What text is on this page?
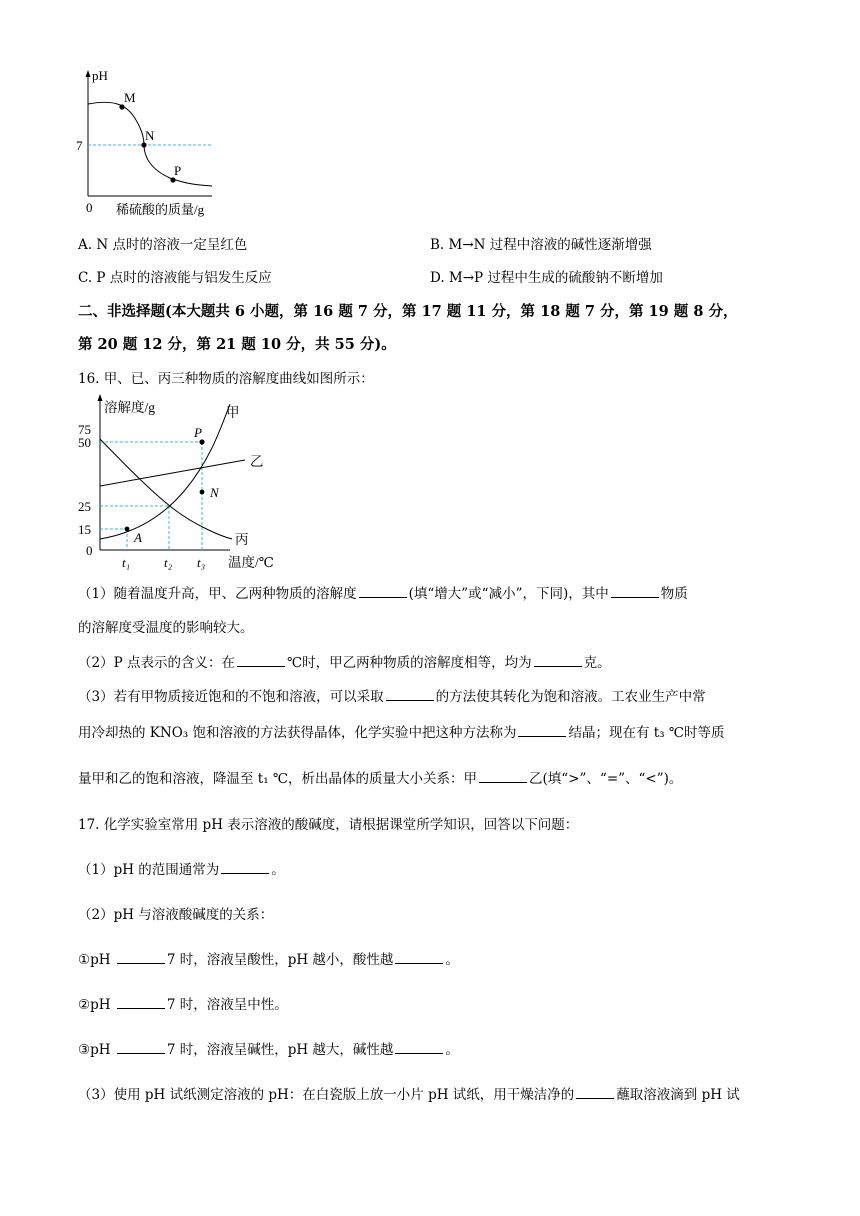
pH
M
N
P
7
0 稀硫酸的质量/g
A. N 点时的溶液一定呈红色	B. M→N 过程中溶液的碱性逐渐增强
C. P 点时的溶液能与铝发生反应	D. M→P 过程中生成的硫酸钠不断增加
二、非选择题(本大题共 6 小题，第 16 题 7 分，第 17 题 11 分，第 18 题 7 分，第 19 题 8 分，
第 20 题 12 分，第 21 题 10 分，共 55 分)。
16. 甲、已、丙三种物质的溶解度曲线如图所示：
溶解度/g
75
50
25
15
0
t₁	t₂ t₃ 温度/℃
甲
乙
丙
P
N
A
（1）随着温度升高，甲、乙两种物质的溶解度	(填“增大”或“减小”，下同)，其中	物质
的溶解度受温度的影响较大。
（2）P 点表示的含义：在	℃时，甲乙两种物质的溶解度相等，均为	克。
（3）若有甲物质接近饱和的不饱和溶液，可以采取	的方法使其转化为饱和溶液。工农业生产中常
用冷却热的 KNO₃ 饱和溶液的方法获得晶体，化学实验中把这种方法称为	结晶；现在有 t₃ ℃时等质
量甲和乙的饱和溶液，降温至 t₁ ℃，析出晶体的质量大小关系：甲	乙(填“>”、“=”、“<”)。
17. 化学实验室常用 pH 表示溶液的酸碱度，请根据课堂所学知识，回答以下问题：
（1）pH 的范围通常为	。
（2）pH 与溶液酸碱度的关系：
①pH	7 时，溶液呈酸性，pH 越小，酸性越	。
②pH	7 时，溶液呈中性。
③pH	7 时，溶液呈碱性，pH 越大，碱性越	。
（3）使用 pH 试纸测定溶液的 pH：在白瓷版上放一小片 pH 试纸，用干燥洁净的	蘸取溶液滴到 pH 试
